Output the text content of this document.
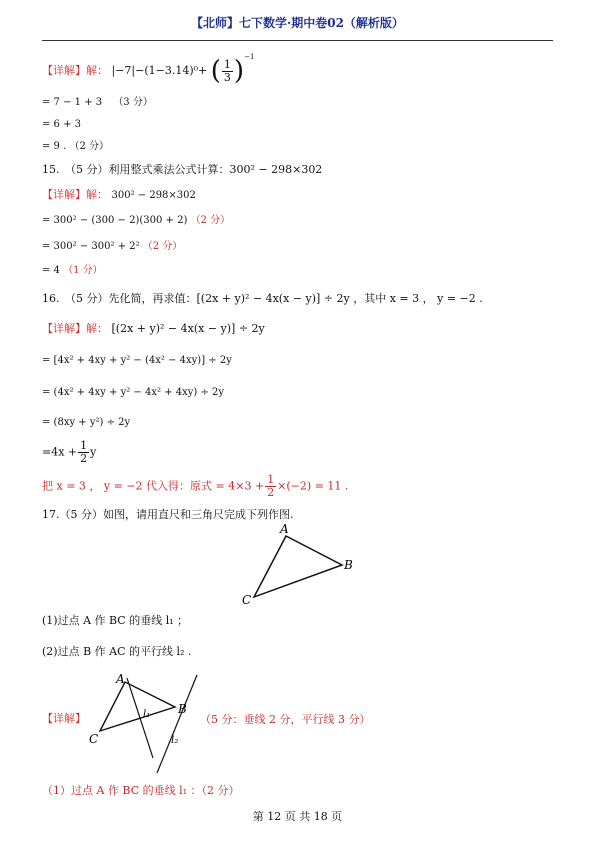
【北师】七下数学·期中卷02（解析版）
【详解】解： |−7|−(1−3.14)⁰+ ( $\frac{1}{3} )^{-1}$
= 7 − 1 + 3 （3 分）
= 6 + 3
= 9 . （2 分）
15.　（5 分）利用整式乘法公式计算：300² − 298×302
【详解】解： 300² − 298×302
= 300² − (300 − 2)(300 + 2) （2 分）
= 300² − 300² + 2² （2 分）
= 4 （1 分）
16.　（5 分）先化简，再求值：[(2x + y)² − 4x(x − y)] ÷ 2y ，其中 x = 3 ， y = −2 .
【详解】解： [(2x + y)² − 4x(x − y)] ÷ 2y
= [4x² + 4xy + y² − (4x² − 4xy)] ÷ 2y
= (4x² + 4xy + y² − 4x² + 4xy) ÷ 2y
= (8xy + y²) ÷ 2y
$=4x + \frac{1}{2}$ y
把 x = 3 ， y = −2 代入得：原式 = $4\times 3 + \frac{1}{2} \times(-2) = 11$ .
17.（5 分）如图，请用直尺和三角尺完成下列作图.
A
B
C
(1)过点 A 作 BC 的垂线 l₁ ；
(2)过点 B 作 AC 的平行线 l₂ .
【详解】	（5 分：垂线 2 分，平行线 3 分）
A
B
C
l₁
l₂
（1）过点 A 作 BC 的垂线 l₁ ：（2 分）
第 12 页 共 18 页
